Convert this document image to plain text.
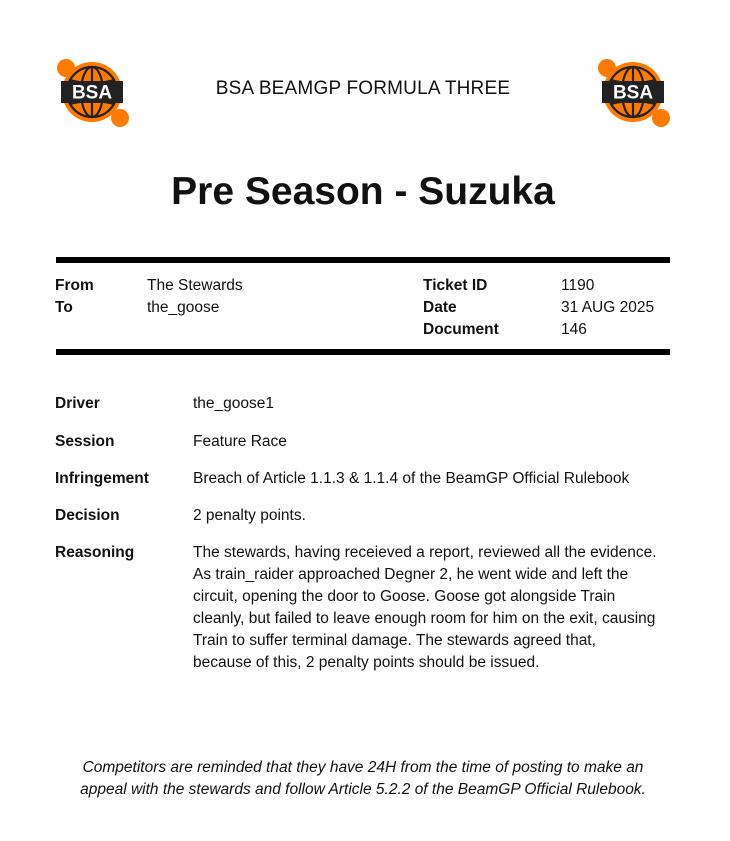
BSA	BSA
BSA BEAMGP FORMULA THREE
Pre Season - Suzuka
From	The Stewards
To	the_goose
Ticket ID	1190
Date	31 AUG 2025
Document	146
Driver	the_goose1
Session	Feature Race
Infringement	Breach of Article 1.1.3 & 1.1.4 of the BeamGP Official Rulebook
Decision	2 penalty points.
Reasoning	The stewards, having receieved a report, reviewed all the evidence.
As train_raider approached Degner 2, he went wide and left the
circuit, opening the door to Goose. Goose got alongside Train
cleanly, but failed to leave enough room for him on the exit, causing
Train to suffer terminal damage. The stewards agreed that,
because of this, 2 penalty points should be issued.
Competitors are reminded that they have 24H from the time of posting to make an
appeal with the stewards and follow Article 5.2.2 of the BeamGP Official Rulebook.
